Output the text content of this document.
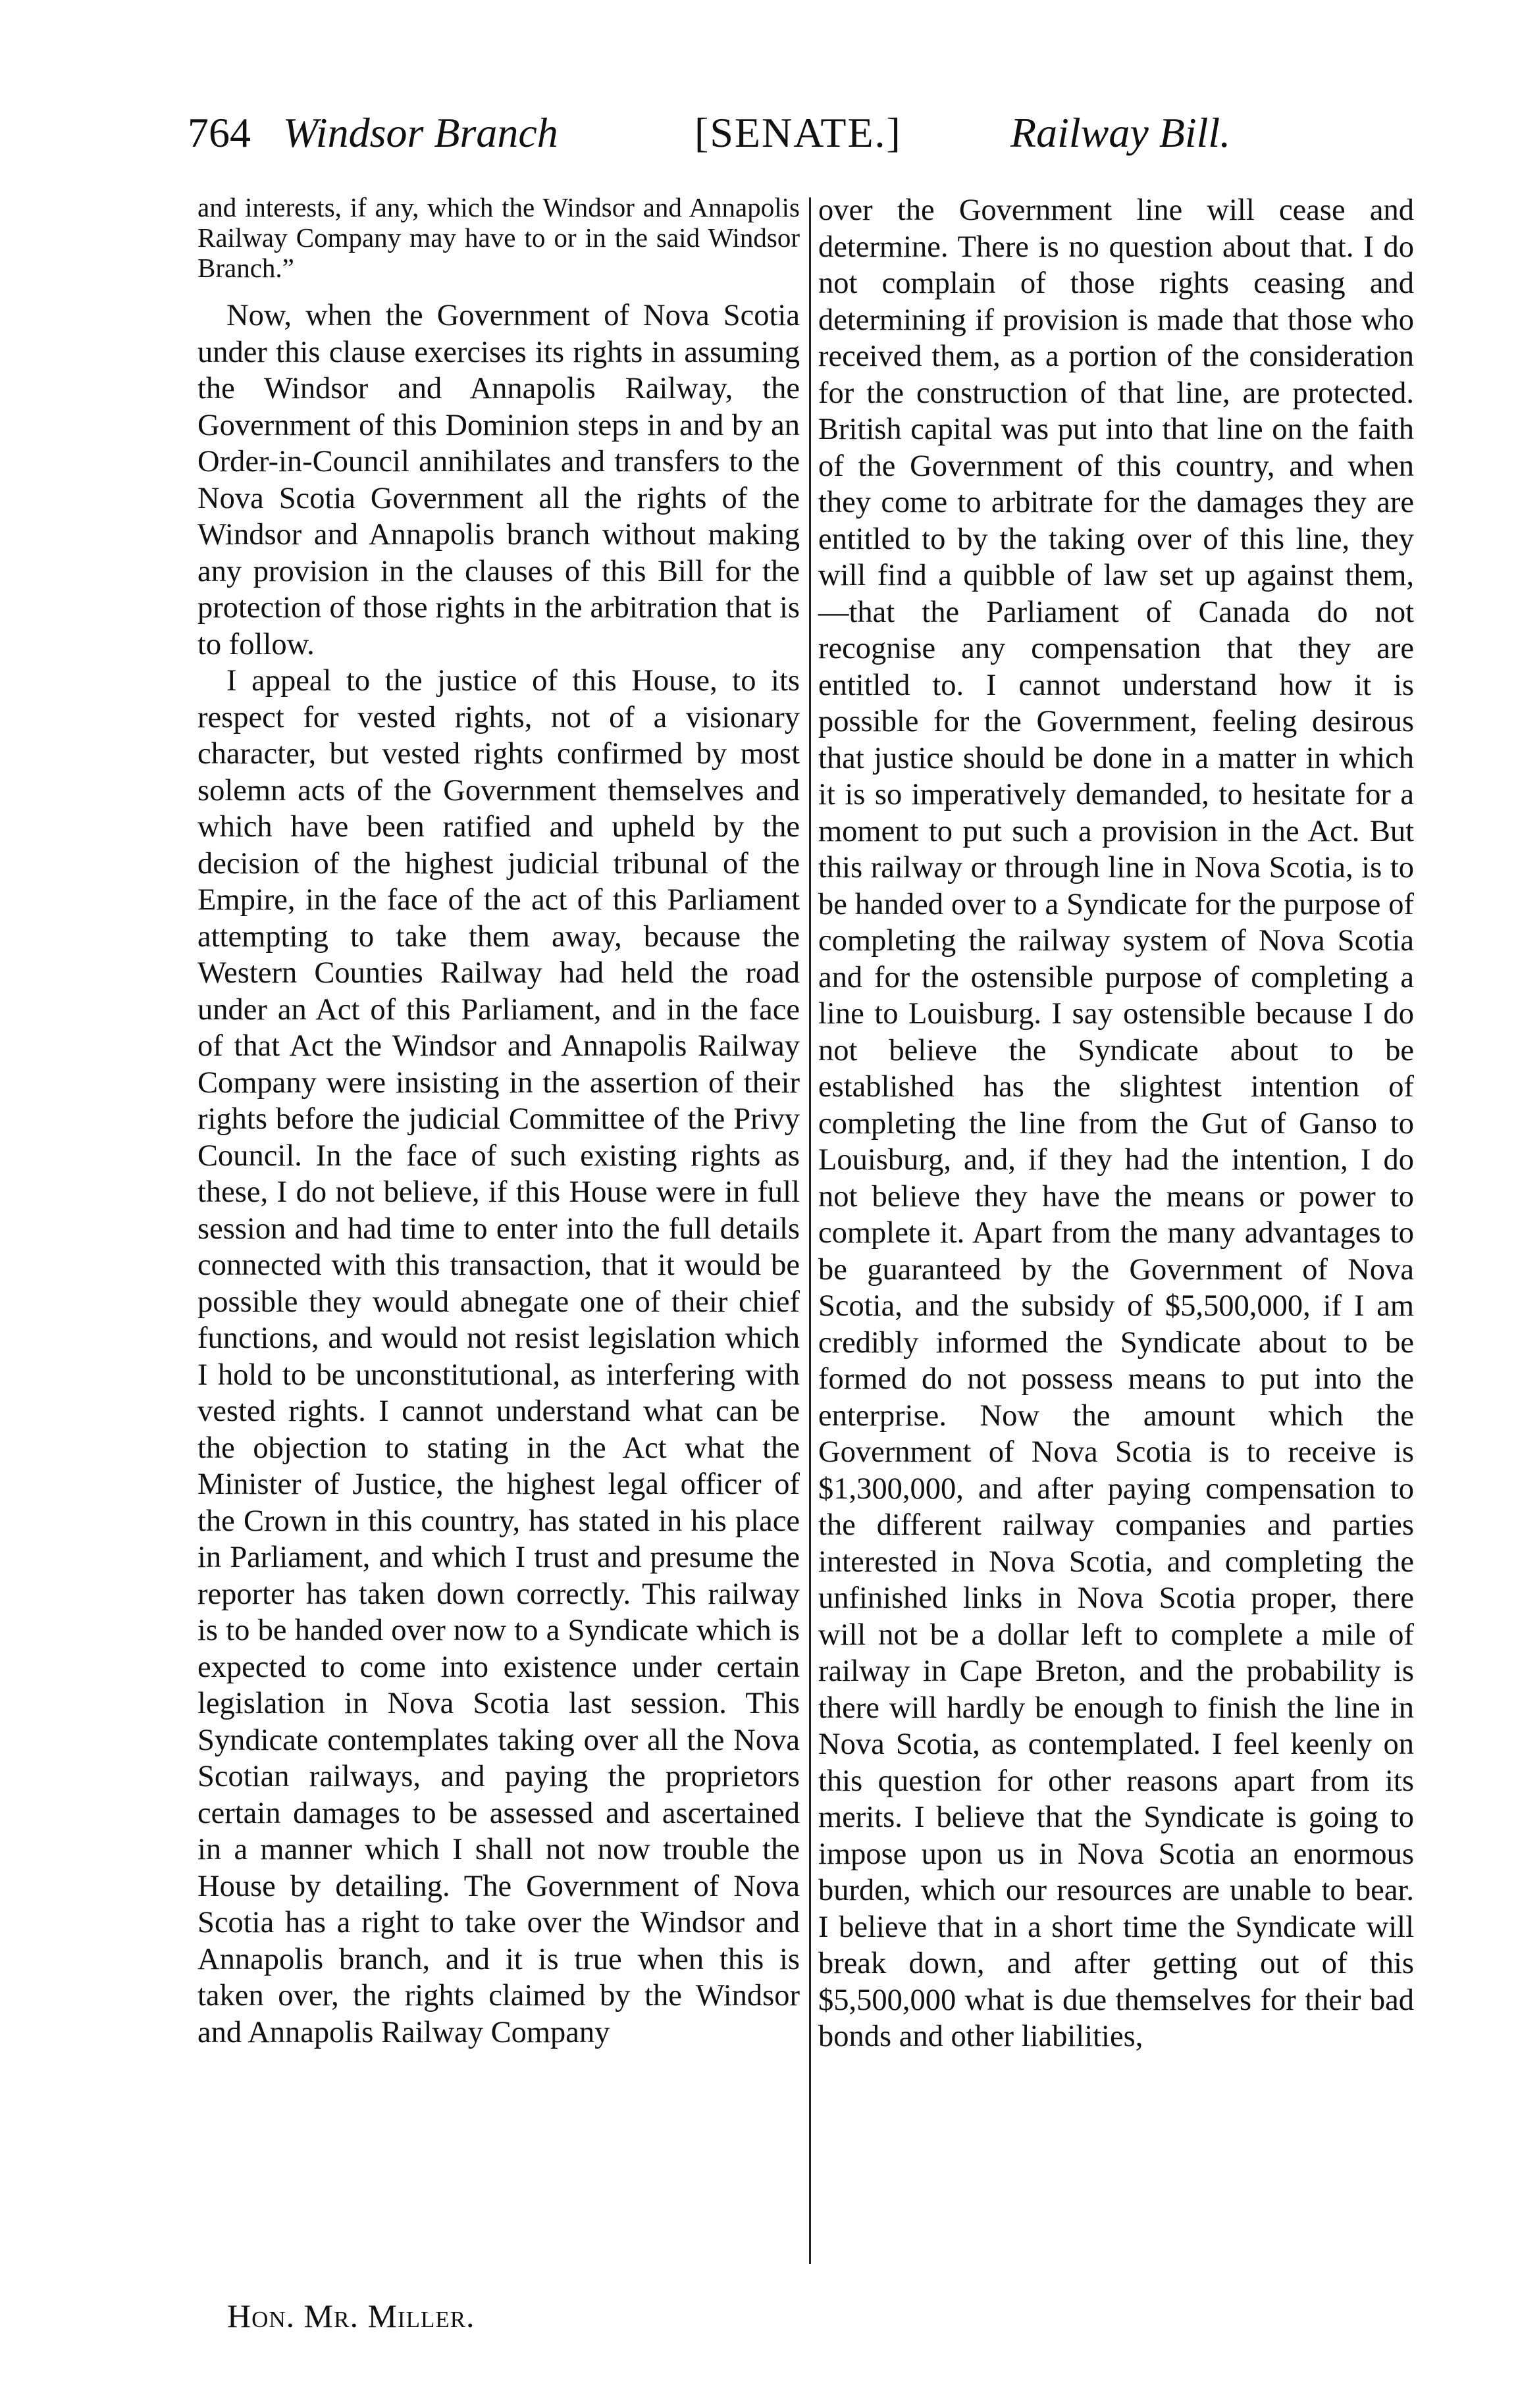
764 Windsor Branch	[SENATE.]	Railway Bill.

and interests, if any, which the Windsor and Annapolis Railway Company may have to or in the said Windsor Branch.”

Now, when the Government of Nova Scotia under this clause exercises its rights in assuming the Windsor and Annapolis Railway, the Government of this Dominion steps in and by an Order-in-Council annihilates and transfers to the Nova Scotia Government all the rights of the Windsor and Annapolis branch without making any provision in the clauses of this Bill for the protection of those rights in the arbitration that is to follow.

I appeal to the justice of this House, to its respect for vested rights, not of a visionary character, but vested rights confirmed by most solemn acts of the Government themselves and which have been ratified and upheld by the decision of the highest judicial tribunal of the Empire, in the face of the act of this Parliament attempting to take them away, because the Western Counties Railway had held the road under an Act of this Parliament, and in the face of that Act the Windsor and Annapolis Railway Company were insisting in the assertion of their rights before the judicial Committee of the Privy Council. In the face of such existing rights as these, I do not believe, if this House were in full session and had time to enter into the full details connected with this transaction, that it would be possible they would abnegate one of their chief functions, and would not resist legislation which I hold to be unconstitutional, as interfering with vested rights. I cannot understand what can be the objection to stating in the Act what the Minister of Justice, the highest legal officer of the Crown in this country, has stated in his place in Parliament, and which I trust and presume the reporter has taken down correctly. This railway is to be handed over now to a Syndicate which is expected to come into existence under certain legislation in Nova Scotia last session. This Syndicate contemplates taking over all the Nova Scotian railways, and paying the proprietors certain damages to be assessed and ascertained in a manner which I shall not now trouble the House by detailing. The Government of Nova Scotia has a right to take over the Windsor and Annapolis branch, and it is true when this is taken over, the rights claimed by the Windsor and Annapolis Railway Company

over the Government line will cease and determine. There is no question about that. I do not complain of those rights ceasing and determining if provision is made that those who received them, as a portion of the consideration for the construction of that line, are protected. British capital was put into that line on the faith of the Government of this country, and when they come to arbitrate for the damages they are entitled to by the taking over of this line, they will find a quibble of law set up against them, —that the Parliament of Canada do not recognise any compensation that they are entitled to. I cannot understand how it is possible for the Government, feeling desirous that justice should be done in a matter in which it is so imperatively demanded, to hesitate for a moment to put such a provision in the Act. But this railway or through line in Nova Scotia, is to be handed over to a Syndicate for the purpose of completing the railway system of Nova Scotia and for the ostensible purpose of completing a line to Louisburg. I say ostensible because I do not believe the Syndicate about to be established has the slightest intention of completing the line from the Gut of Ganso to Louisburg, and, if they had the intention, I do not believe they have the means or power to complete it. Apart from the many advantages to be guaranteed by the Government of Nova Scotia, and the subsidy of $5,500,000, if I am credibly informed the Syndicate about to be formed do not possess means to put into the enterprise. Now the amount which the Government of Nova Scotia is to receive is $1,300,000, and after paying compensation to the different railway companies and parties interested in Nova Scotia, and completing the unfinished links in Nova Scotia proper, there will not be a dollar left to complete a mile of railway in Cape Breton, and the probability is there will hardly be enough to finish the line in Nova Scotia, as contemplated. I feel keenly on this question for other reasons apart from its merits. I believe that the Syndicate is going to impose upon us in Nova Scotia an enormous burden, which our resources are unable to bear. I believe that in a short time the Syndicate will break down, and after getting out of this $5,500,000 what is due themselves for their bad bonds and other liabilities,

Hon. Mr. Miller.
